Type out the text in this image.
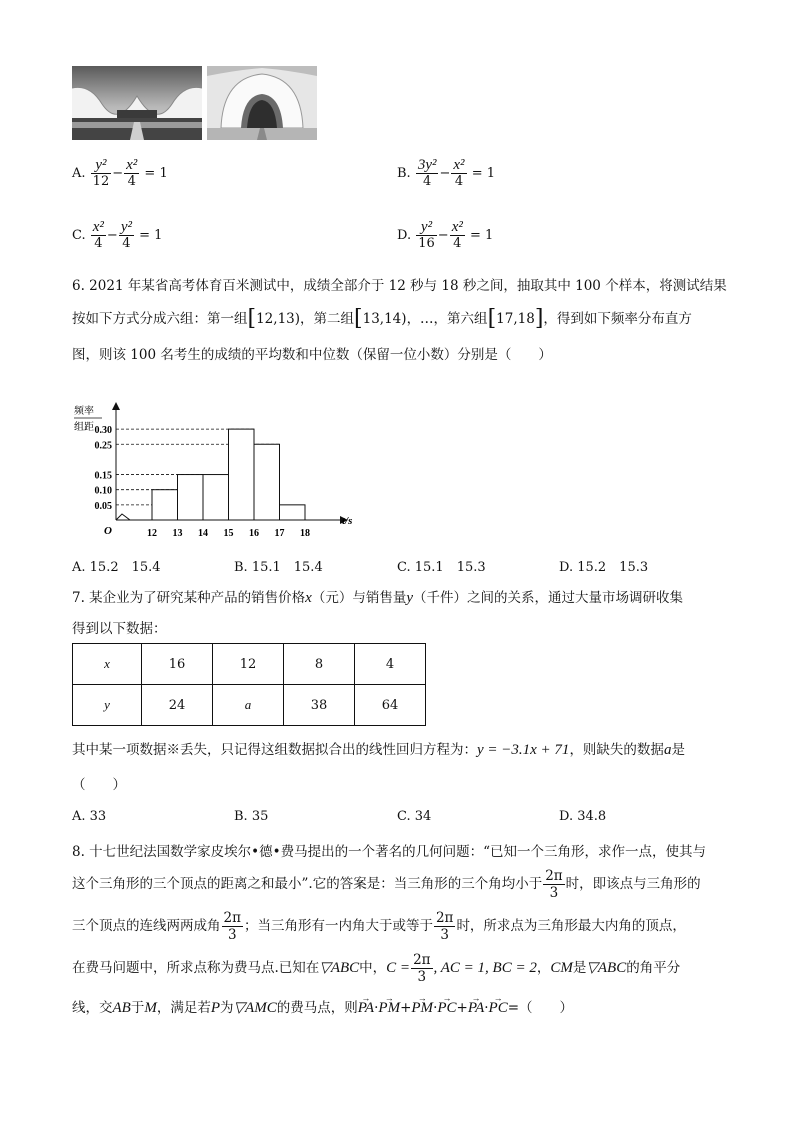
A. $\frac{\text{y²}}{12} - \frac{\text{x²}}{4} = 1$	B. $\frac{\text{3y²}}{4} - \frac{\text{x²}}{4} = 1$
C. $\frac{\text{x²}}{4} - \frac{\text{y²}}{4} = 1$	D. $\frac{\text{y²}}{16} - \frac{\text{x²}}{4} = 1$
6. 2021 年某省高考体育百米测试中，成绩全部介于 12 秒与 18 秒之间，抽取其中 100 个样本，将测试结果
按如下方式分成六组：第一组[12,13)，第二组[13,14)，…，第六组[17,18]，得到如下频率分布直方
图，则该 100 名考生的成绩的平均数和中位数（保留一位小数）分别是（　　）
频率
组距
O
0.05
0.10
0.15
0.25
0.30
12 13 14 15 16 17 18
t/s
A. 15.2　15.4	B. 15.1　15.4	C. 15.1　15.3	D. 15.2　15.3
7. 某企业为了研究某种产品的销售价格x（元）与销售量y（千件）之间的关系，通过大量市场调研收集
得到以下数据：
x	16	12	8	4
y	24	a	38	64
其中某一项数据※丢失，只记得这组数据拟合出的线性回归方程为：y = −3.1x + 71，则缺失的数据a是
（　　）
A. 33	B. 35	C. 34	D. 34.8
8. 十七世纪法国数学家皮埃尔•德•费马提出的一个著名的几何问题：“已知一个三角形，求作一点，使其与
这个三角形的三个顶点的距离之和最小”.它的答案是：当三角形的三个角均小于 $\frac{2\pi}{3}$ 时，即该点与三角形的
三个顶点的连线两两成角 $\frac{2\pi}{3}$ ；当三角形有一内角大于或等于 $\frac{2\pi}{3}$ 时，所求点为三角形最大内角的顶点，
在费马问题中，所求点称为费马点.已知在▽ABC中，$C = \frac{2\pi}{3}$ , AC = 1, BC = 2，CM是▽ABC的角平分
线，交AB于M，满足若P为▽AMC的费马点，则→ PA·→ PM+→ PM·→ PC+→ PA·→ PC=（　　）
